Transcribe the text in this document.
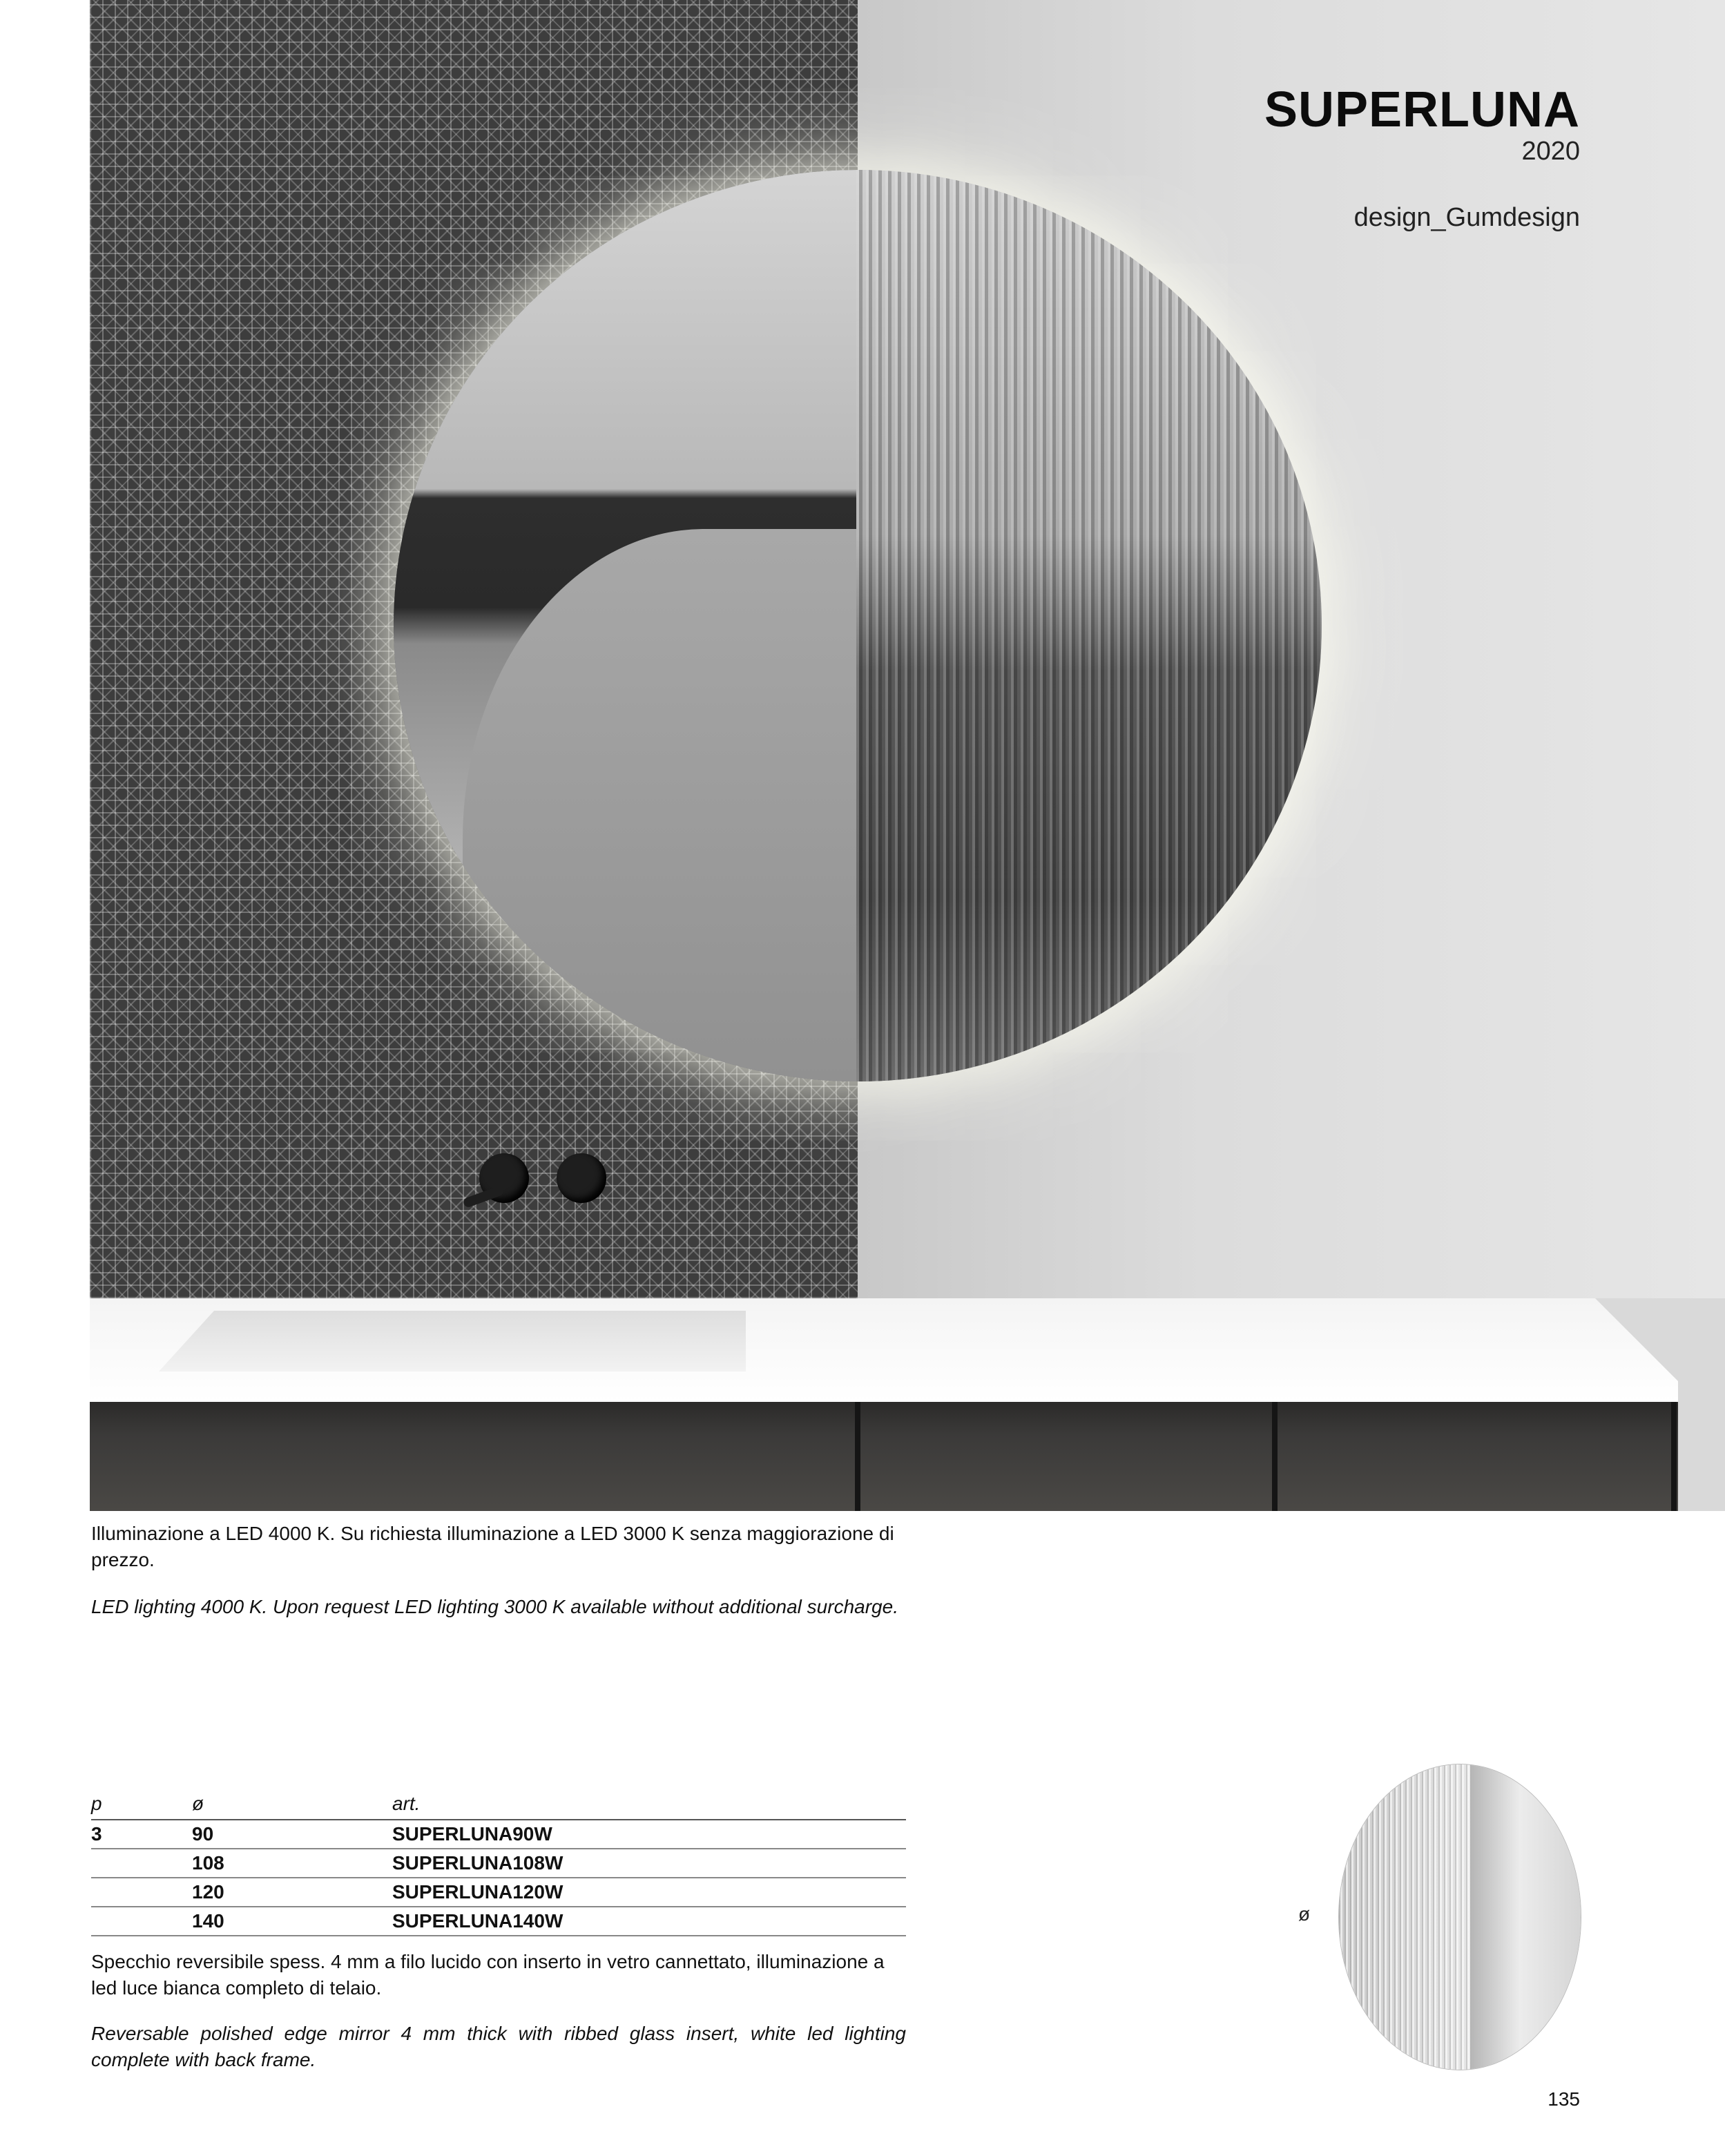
SUPERLUNA
2020
design_Gumdesign

Illuminazione a LED 4000 K. Su richiesta illuminazione a LED 3000 K senza maggiorazione di prezzo.

LED lighting 4000 K. Upon request LED lighting 3000 K available without additional surcharge.

p	ø	art.
3	90	SUPERLUNA90W
	108	SUPERLUNA108W
	120	SUPERLUNA120W
	140	SUPERLUNA140W

Specchio reversibile spess. 4 mm a filo lucido con inserto in vetro cannettato, illuminazione a led luce bianca completo di telaio.

Reversable polished edge mirror 4 mm thick with ribbed glass insert, white led lighting complete with back frame.

ø
135
